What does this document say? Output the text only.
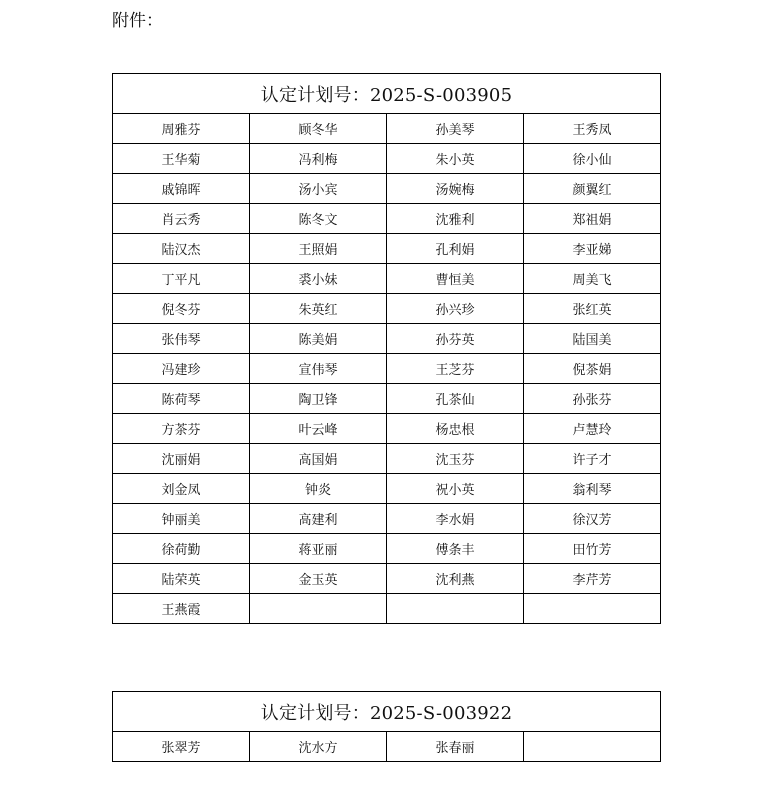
附件：
认定计划号：2025-S-003905			
周雅芬	顾冬华	孙美琴	王秀凤
王华菊	冯利梅	朱小英	徐小仙
戚锦晖	汤小宾	汤婉梅	颜翼红
肖云秀	陈冬文	沈雅利	郑祖娟
陆汉杰	王照娟	孔利娟	李亚娣
丁平凡	裘小妹	曹恒美	周美飞
倪冬芬	朱英红	孙兴珍	张红英
张伟琴	陈美娟	孙芬英	陆国美
冯建珍	宣伟琴	王芝芬	倪茶娟
陈荷琴	陶卫锋	孔茶仙	孙张芬
方茶芬	叶云峰	杨忠根	卢慧玲
沈丽娟	高国娟	沈玉芬	许子才
刘金凤	钟炎	祝小英	翁利琴
钟丽美	高建利	李水娟	徐汉芳
徐荷勤	蒋亚丽	傅条丰	田竹芳
陆荣英	金玉英	沈利燕	李芹芳
王燕霞			
认定计划号：2025-S-003922
张翠芳	沈水方	张春丽	
